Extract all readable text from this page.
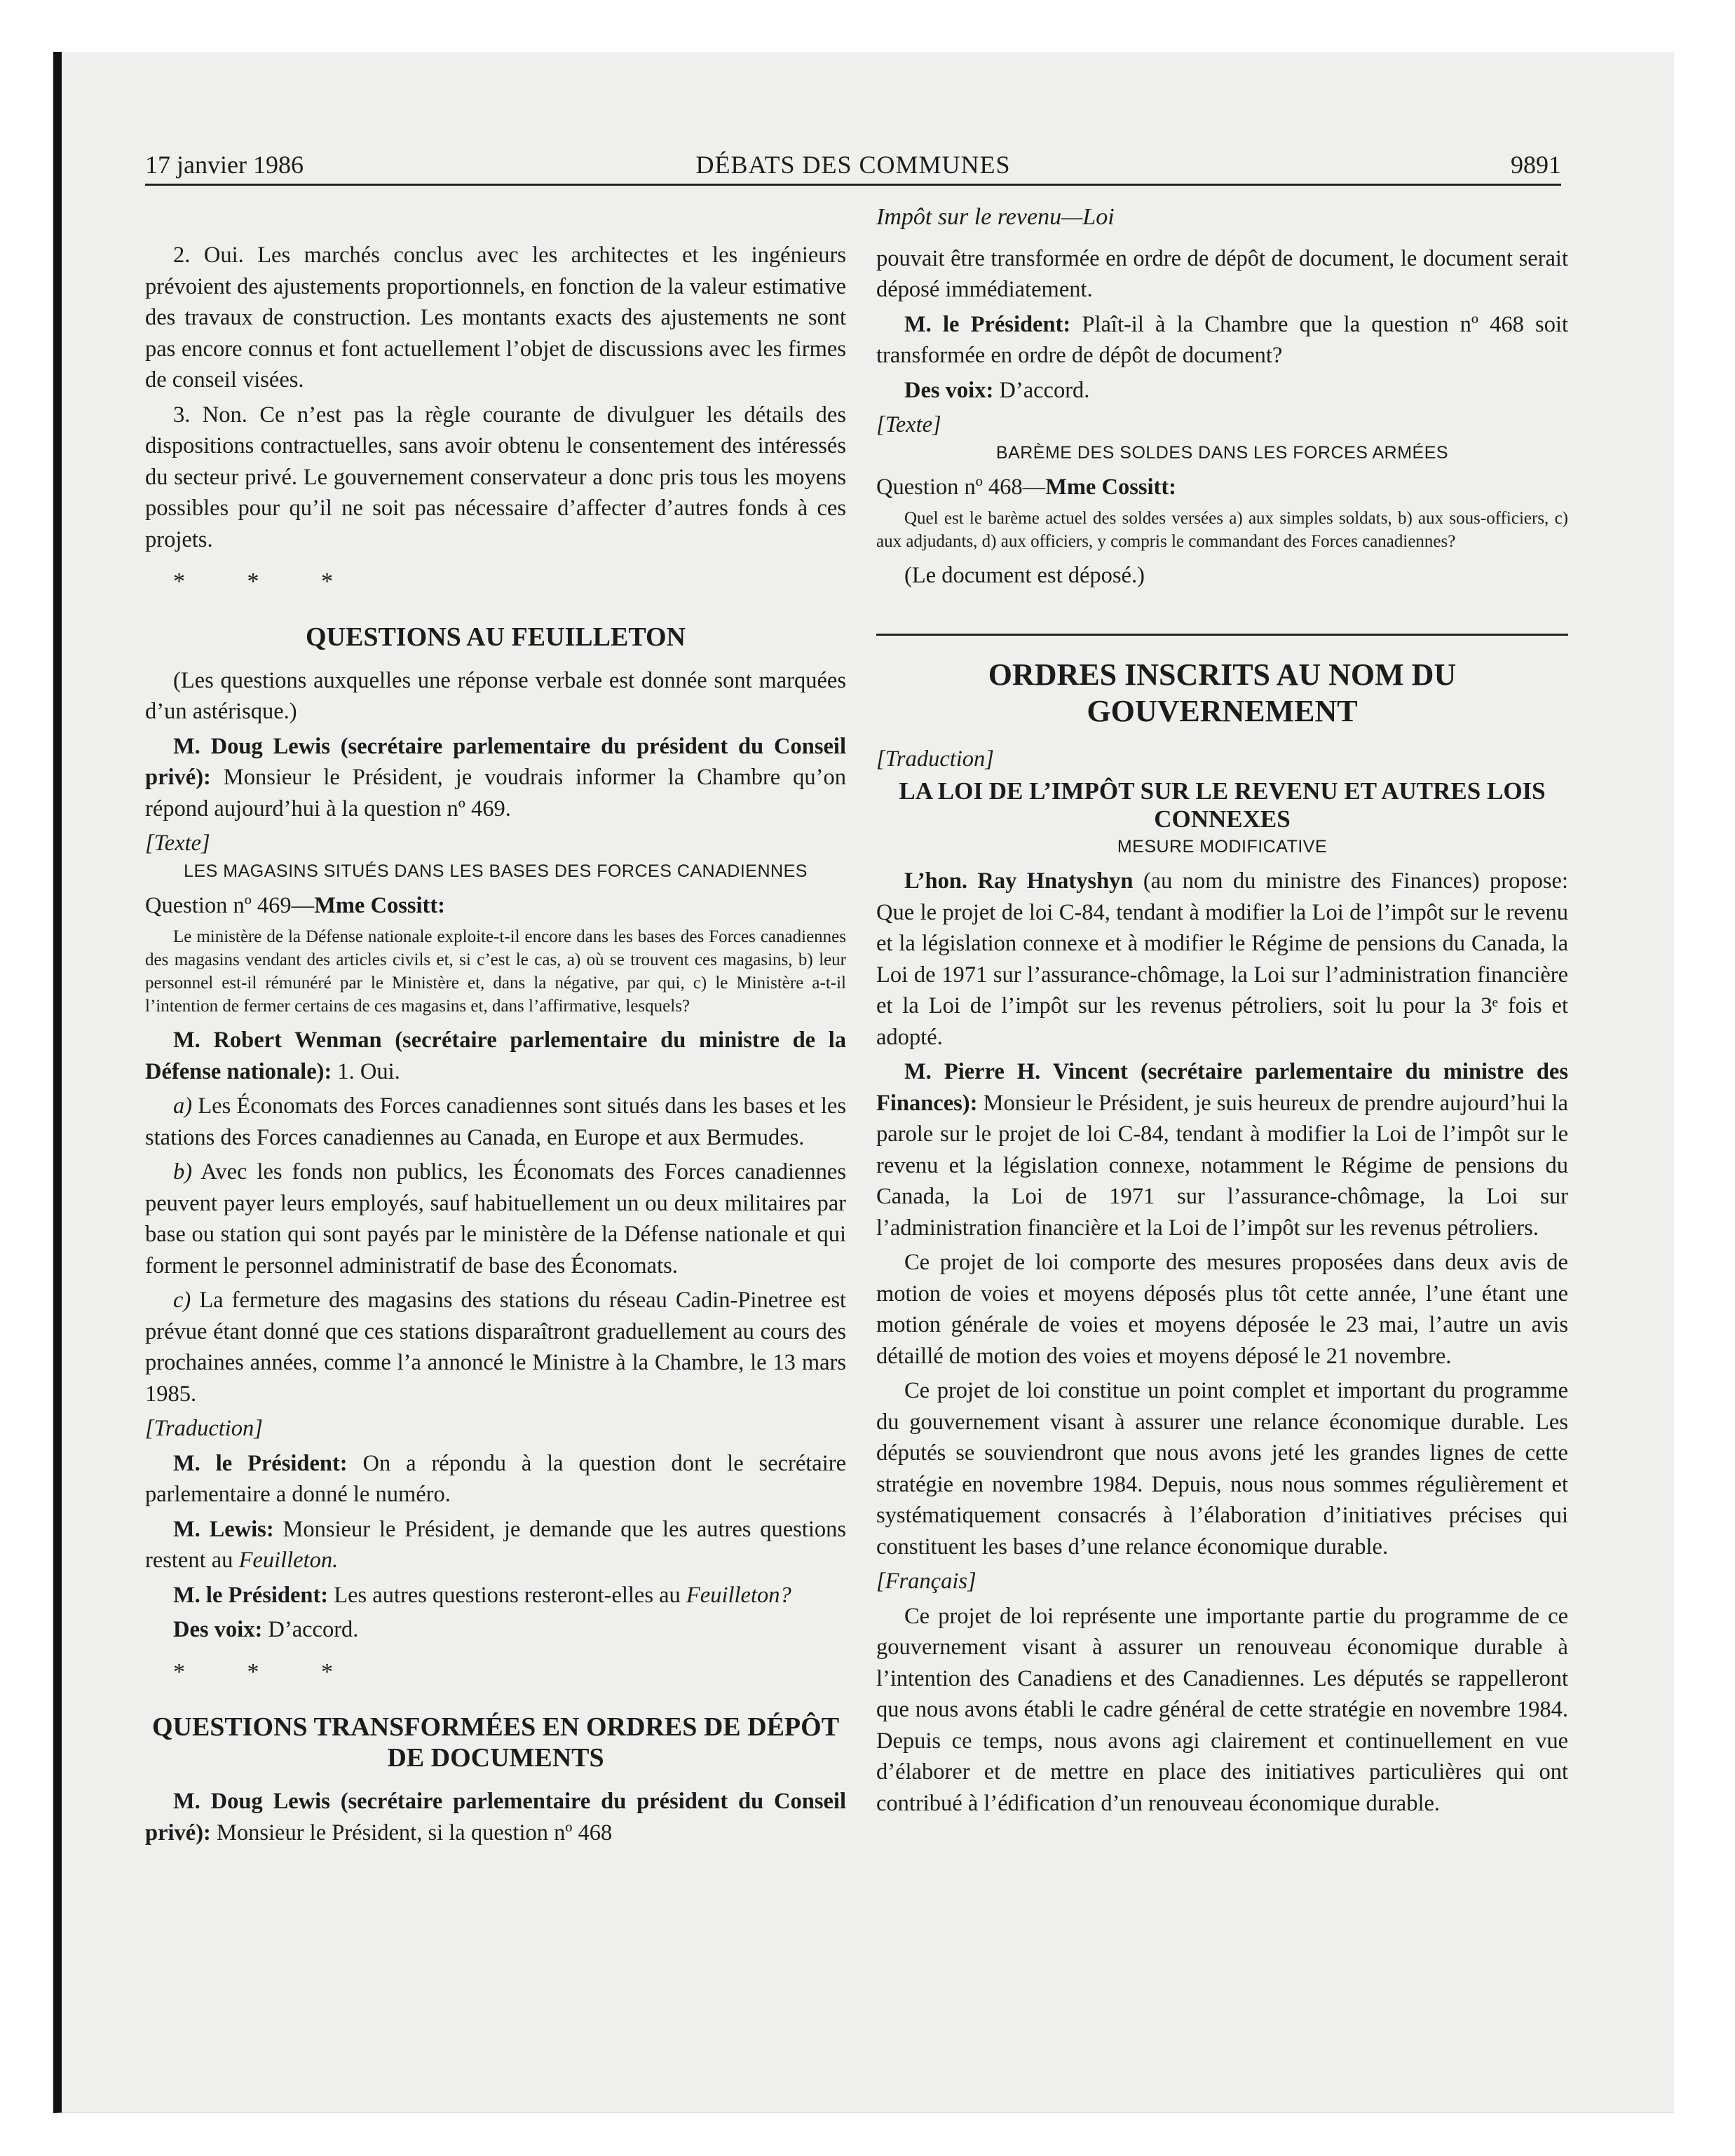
17 janvier 1986	DÉBATS DES COMMUNES	9891

2. Oui. Les marchés conclus avec les architectes et les ingénieurs prévoient des ajustements proportionnels, en fonction de la valeur estimative des travaux de construction. Les montants exacts des ajustements ne sont pas encore connus et font actuellement l’objet de discussions avec les firmes de conseil visées.

3. Non. Ce n’est pas la règle courante de divulguer les détails des dispositions contractuelles, sans avoir obtenu le consentement des intéressés du secteur privé. Le gouvernement conservateur a donc pris tous les moyens possibles pour qu’il ne soit pas nécessaire d’affecter d’autres fonds à ces projets.

* * *

QUESTIONS AU FEUILLETON

(Les questions auxquelles une réponse verbale est donnée sont marquées d’un astérisque.)

M. Doug Lewis (secrétaire parlementaire du président du Conseil privé): Monsieur le Président, je voudrais informer la Chambre qu’on répond aujourd’hui à la question nº 469.

[Texte]

LES MAGASINS SITUÉS DANS LES BASES DES FORCES CANADIENNES

Question nº 469—Mme Cossitt:

Le ministère de la Défense nationale exploite-t-il encore dans les bases des Forces canadiennes des magasins vendant des articles civils et, si c’est le cas, a) où se trouvent ces magasins, b) leur personnel est-il rémunéré par le Ministère et, dans la négative, par qui, c) le Ministère a-t-il l’intention de fermer certains de ces magasins et, dans l’affirmative, lesquels?

M. Robert Wenman (secrétaire parlementaire du ministre de la Défense nationale): 1. Oui.

a) Les Économats des Forces canadiennes sont situés dans les bases et les stations des Forces canadiennes au Canada, en Europe et aux Bermudes.

b) Avec les fonds non publics, les Économats des Forces canadiennes peuvent payer leurs employés, sauf habituellement un ou deux militaires par base ou station qui sont payés par le ministère de la Défense nationale et qui forment le personnel administratif de base des Économats.

c) La fermeture des magasins des stations du réseau Cadin-Pinetree est prévue étant donné que ces stations disparaîtront graduellement au cours des prochaines années, comme l’a annoncé le Ministre à la Chambre, le 13 mars 1985.

[Traduction]

M. le Président: On a répondu à la question dont le secrétaire parlementaire a donné le numéro.

M. Lewis: Monsieur le Président, je demande que les autres questions restent au Feuilleton.

M. le Président: Les autres questions resteront-elles au Feuilleton?

Des voix: D’accord.

* * *

QUESTIONS TRANSFORMÉES EN ORDRES DE DÉPÔT DE DOCUMENTS

M. Doug Lewis (secrétaire parlementaire du président du Conseil privé): Monsieur le Président, si la question nº 468

Impôt sur le revenu—Loi

pouvait être transformée en ordre de dépôt de document, le document serait déposé immédiatement.

M. le Président: Plaît-il à la Chambre que la question nº 468 soit transformée en ordre de dépôt de document?

Des voix: D’accord.

[Texte]

BARÈME DES SOLDES DANS LES FORCES ARMÉES

Question nº 468—Mme Cossitt:

Quel est le barème actuel des soldes versées a) aux simples soldats, b) aux sous-officiers, c) aux adjudants, d) aux officiers, y compris le commandant des Forces canadiennes?

(Le document est déposé.)

ORDRES INSCRITS AU NOM DU GOUVERNEMENT

[Traduction]

LA LOI DE L’IMPÔT SUR LE REVENU ET AUTRES LOIS CONNEXES
MESURE MODIFICATIVE

L’hon. Ray Hnatyshyn (au nom du ministre des Finances) propose: Que le projet de loi C-84, tendant à modifier la Loi de l’impôt sur le revenu et la législation connexe et à modifier le Régime de pensions du Canada, la Loi de 1971 sur l’assurance-chômage, la Loi sur l’administration financière et la Loi de l’impôt sur les revenus pétroliers, soit lu pour la 3ᵉ fois et adopté.

M. Pierre H. Vincent (secrétaire parlementaire du ministre des Finances): Monsieur le Président, je suis heureux de prendre aujourd’hui la parole sur le projet de loi C-84, tendant à modifier la Loi de l’impôt sur le revenu et la législation connexe, notamment le Régime de pensions du Canada, la Loi de 1971 sur l’assurance-chômage, la Loi sur l’administration financière et la Loi de l’impôt sur les revenus pétroliers.

Ce projet de loi comporte des mesures proposées dans deux avis de motion de voies et moyens déposés plus tôt cette année, l’une étant une motion générale de voies et moyens déposée le 23 mai, l’autre un avis détaillé de motion des voies et moyens déposé le 21 novembre.

Ce projet de loi constitue un point complet et important du programme du gouvernement visant à assurer une relance économique durable. Les députés se souviendront que nous avons jeté les grandes lignes de cette stratégie en novembre 1984. Depuis, nous nous sommes régulièrement et systématiquement consacrés à l’élaboration d’initiatives précises qui constituent les bases d’une relance économique durable.

[Français]

Ce projet de loi représente une importante partie du programme de ce gouvernement visant à assurer un renouveau économique durable à l’intention des Canadiens et des Canadiennes. Les députés se rappelleront que nous avons établi le cadre général de cette stratégie en novembre 1984. Depuis ce temps, nous avons agi clairement et continuellement en vue d’élaborer et de mettre en place des initiatives particulières qui ont contribué à l’édification d’un renouveau économique durable.
